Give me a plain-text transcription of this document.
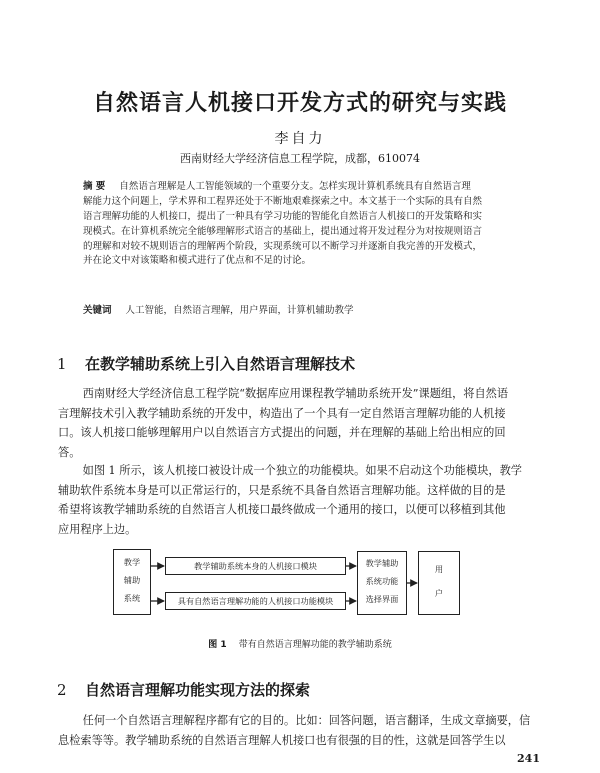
自然语言人机接口开发方式的研究与实践
李自力
西南财经大学经济信息工程学院，成都，610074
摘 要 自然语言理解是人工智能领域的一个重要分支。怎样实现计算机系统具有自然语言理
解能力这个问题上，学术界和工程界还处于不断地艰难探索之中。本文基于一个实际的具有自然
语言理解功能的人机接口，提出了一种具有学习功能的智能化自然语言人机接口的开发策略和实
现模式。在计算机系统完全能够理解形式语言的基础上，提出通过将开发过程分为对按规则语言
的理解和对较不规则语言的理解两个阶段，实现系统可以不断学习并逐渐自我完善的开发模式，
并在论文中对该策略和模式进行了优点和不足的讨论。
关键词 人工智能，自然语言理解，用户界面，计算机辅助教学
1 在教学辅助系统上引入自然语言理解技术
西南财经大学经济信息工程学院“数据库应用课程教学辅助系统开发”课题组，将自然语
言理解技术引入教学辅助系统的开发中，构造出了一个具有一定自然语言理解功能的人机接
口。该人机接口能够理解用户以自然语言方式提出的问题，并在理解的基础上给出相应的回
答。
如图 1 所示，该人机接口被设计成一个独立的功能模块。如果不启动这个功能模块，教学
辅助软件系统本身是可以正常运行的，只是系统不具备自然语言理解功能。这样做的目的是
希望将该教学辅助系统的自然语言人机接口最终做成一个通用的接口，以便可以移植到其他
应用程序上边。
教学
辅助
系统
教学辅助系统本身的人机接口模块
具有自然语言理解功能的人机接口功能模块
教学辅助
系统功能
选择界面
用
户
图 1 带有自然语言理解功能的教学辅助系统
2 自然语言理解功能实现方法的探索
任何一个自然语言理解程序都有它的目的。比如：回答问题，语言翻译，生成文章摘要，信
息检索等等。教学辅助系统的自然语言理解人机接口也有很强的目的性，这就是回答学生以
241
